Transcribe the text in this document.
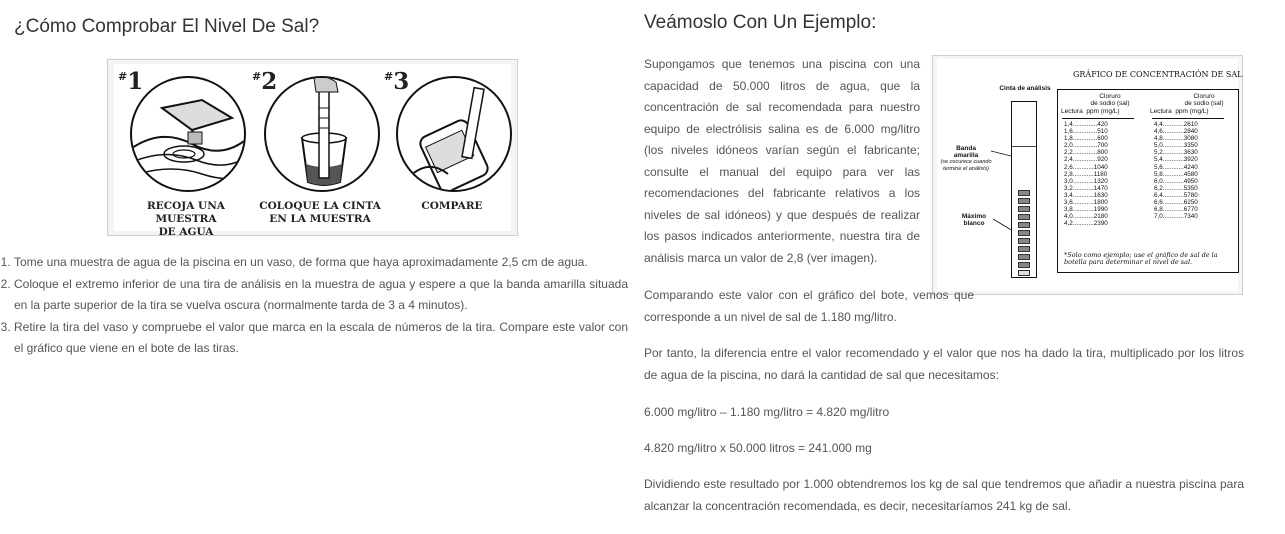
¿Cómo Comprobar El Nivel De Sal?
#1
RECOJA UNA MUESTRA
DE AGUA
#2
COLOQUE LA CINTA
EN LA MUESTRA
#3
COMPARE
1. Tome una muestra de agua de la piscina en un vaso, de forma que haya aproximadamente 2,5 cm de agua.
2. Coloque el extremo inferior de una tira de análisis en la muestra de agua y espere a que la banda amarilla situada en la parte superior de la tira se vuelva oscura (normalmente tarda de 3 a 4 minutos).
3. Retire la tira del vaso y compruebe el valor que marca en la escala de números de la tira. Compare este valor con el gráfico que viene en el bote de las tiras.
Veámoslo Con Un Ejemplo:

Supongamos que tenemos una piscina con una capacidad de 50.000 litros de agua, que la concentración de sal recomendada para nuestro equipo de electrólisis salina es de 6.000 mg/litro (los niveles idóneos varían según el fabricante; consulte el manual del equipo para ver las recomendaciones del fabricante relativos a los niveles de sal idóneos) y que después de realizar los pasos indicados anteriormente, nuestra tira de análisis marca un valor de 2,8 (ver imagen).

GRÁFICO DE CONCENTRACIÓN DE SAL
Cinta de análisis
Banda
amarilla
(se oscurece cuando
termine el análisis)
Máximo
blanco
Cloruro
de sodio (sal)
Cloruro
de sodio (sal)
Lectura ppm (mg/L)	Lectura ppm (mg/L)
1,4..............420
1,6..............510
1,8..............600
2,0..............700
2,2..............800
2,4..............920
2,6............1040
2,8............1180
3,0............1320
3,2............1470
3,4............1630
3,6............1800
3,8............1990
4,0............2180
4,2............2390
4,4............2610
4,6............2840
4,8............3080
5,0............3350
5,2............3630
5,4............3920
5,6............4240
5,8............4580
6,0............4950
6,2............5350
6,4............5780
6,6............6250
6,8............6770
7,0............7340
*Solo como ejemplo; use el gráfico de sal de la botella para determinar el nivel de sal.

Comparando este valor con el gráfico del bote, vemos que corresponde a un nivel de sal de 1.180 mg/litro.

Por tanto, la diferencia entre el valor recomendado y el valor que nos ha dado la tira, multiplicado por los litros de agua de la piscina, no dará la cantidad de sal que necesitamos:

6.000 mg/litro – 1.180 mg/litro = 4.820 mg/litro

4.820 mg/litro x 50.000 litros = 241.000 mg

Dividiendo este resultado por 1.000 obtendremos los kg de sal que tendremos que añadir a nuestra piscina para alcanzar la concentración recomendada, es decir, necesitaríamos 241 kg de sal.
